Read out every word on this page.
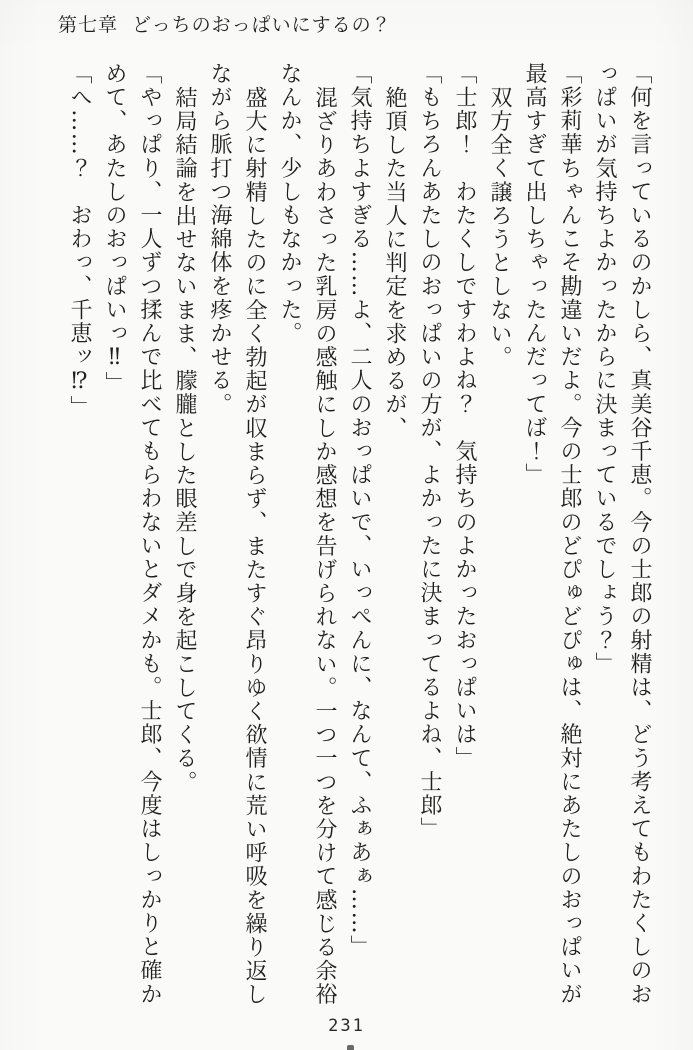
第七章 どっちのおっぱいにするの？

「何を言っているのかしら、真美谷千恵。今の士郎の射精は、どう考えてもわたくしのお

っぱいが気持ちよかったからに決まっているでしょう？」

「彩莉華ちゃんこそ勘違いだよ。今の士郎のどぴゅどぴゅは、絶対にあたしのおっぱいが

最高すぎて出しちゃったんだってば！」

双方全く譲ろうとしない。

「士郎！　わたくしですわよね？　気持ちのよかったおっぱいは」

「もちろんあたしのおっぱいの方が、よかったに決まってるよね、士郎」

絶頂した当人に判定を求めるが、

「気持ちよすぎる……よ、二人のおっぱいで、いっぺんに、なんて、ふぁあぁ……」

混ざりあわさった乳房の感触にしか感想を告げられない。一つ一つを分けて感じる余裕

なんか、少しもなかった。

盛大に射精したのに全く勃起が収まらず、またすぐ昂りゆく欲情に荒い呼吸を繰り返し

ながら脈打つ海綿体を疼かせる。

結局結論を出せないまま、朦朧とした眼差しで身を起こしてくる。

「やっぱり、一人ずつ揉んで比べてもらわないとダメかも。士郎、今度はしっかりと確か

めて、あたしのおっぱいっ‼」

「へ……？　おわっ、千恵ッ⁉」

231
